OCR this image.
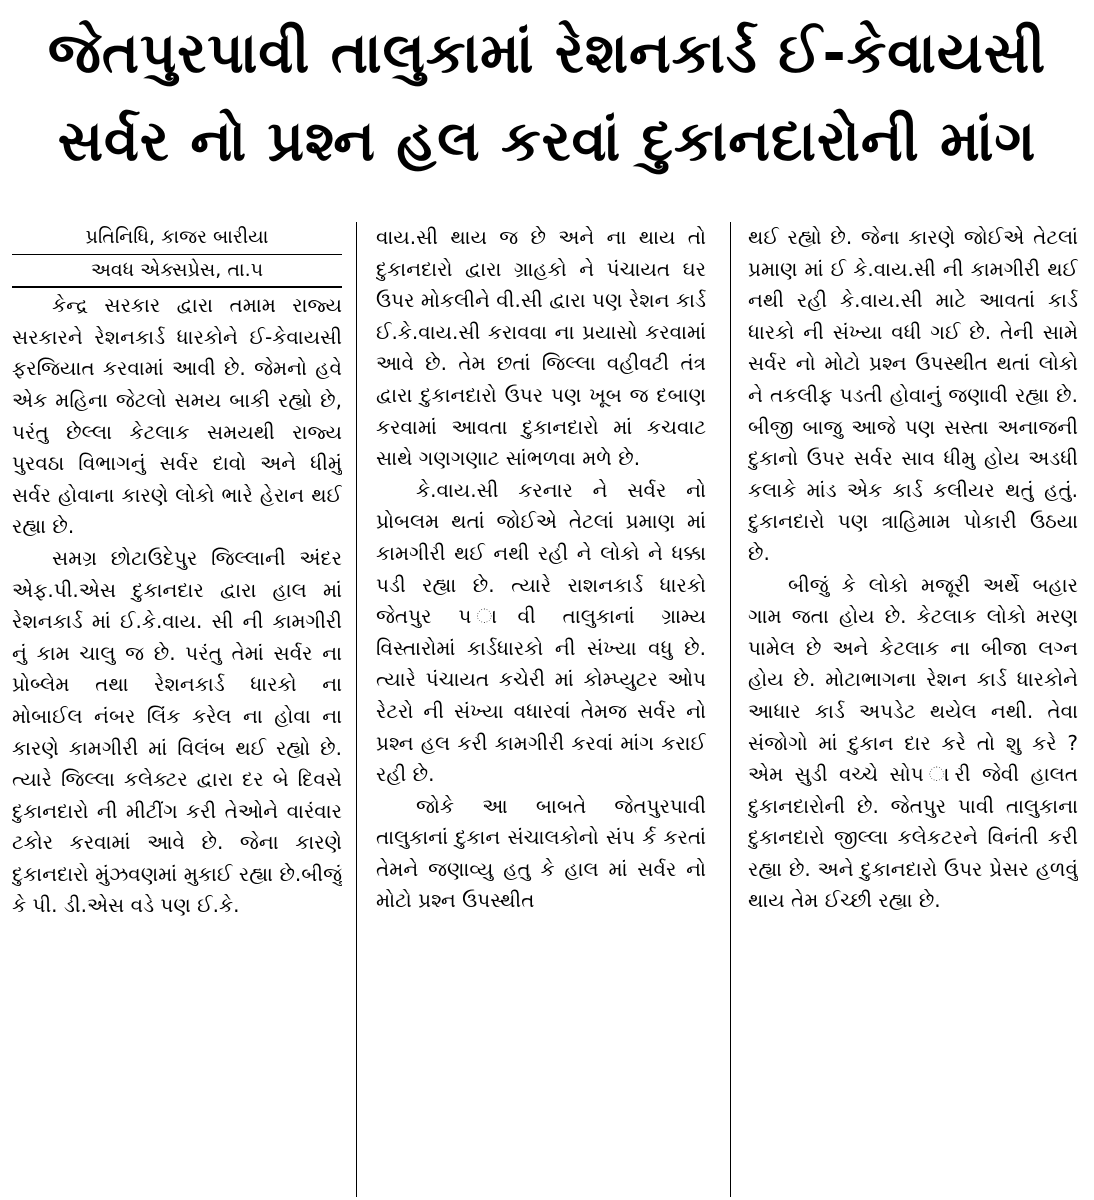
જેતપુરપાવી તાલુકામાં રેશનકાર્ડ ઈ-કેવાયસી
સર્વર નો પ્રશ્ન હલ કરવાં દુકાનદારોની માંગ
પ્રતિનિધિ, કાજર બારીયા
અવધ એક્સપ્રેસ, તા.૫

કેન્દ્ર સરકાર દ્વારા તમામ રાજ્ય સરકારને રેશનકાર્ડ ધારકોને ઈ-કેવાયસી ફરજિયાત કરવામાં આવી છે. જેમનો હવે એક મહિના જેટલો સમય બાકી રહ્યો છે, પરંતુ છેલ્લા કેટલાક સમયથી રાજ્ય પુરવઠા વિભાગનું સર્વર દાવો અને ધીમું સર્વર હોવાના કારણે લોકો ભારે હેરાન થઈ રહ્યા છે.

સમગ્ર છોટાઉદેપુર જિલ્લાની અંદર એફ.પી.એસ દુકાનદાર દ્વારા હાલ માં રેશનકાર્ડ માં ઈ.કે.વાય. સી ની કામગીરી નું કામ ચાલુ જ છે. પરંતુ તેમાં સર્વર ના પ્રોબ્લેમ તથા રેશનકાર્ડ ધારકો ના મોબાઈલ નંબર લિંક કરેલ ના હોવા ના કારણે કામગીરી માં વિલંબ થઈ રહ્યો છે. ત્યારે જિલ્લા કલેક્ટર દ્વારા દર બે દિવસે દુકાનદારો ની મીટીંગ કરી તેઓને વારંવાર ટકોર કરવામાં આવે છે. જેના કારણે દુકાનદારો મુંઝવણમાં મુકાઈ રહ્યા છે.બીજું કે પી. ડી.એસ વડે પણ ઈ.કે.

વાય.સી થાય જ છે અને ના થાય તો દુકાનદારો દ્વારા ગ્રાહકો ને પંચાયત ઘર ઉપર મોકલીને વી.સી દ્વારા પણ રેશન કાર્ડ ઈ.કે.વાય.સી કરાવવા ના પ્રયાસો કરવામાં આવે છે. તેમ છતાં જિલ્લા વહીવટી તંત્ર દ્વારા દુકાનદારો ઉપર પણ ખૂબ જ દબાણ કરવામાં આવતા દુકાનદારો માં કચવાટ સાથે ગણગણાટ સાંભળવા મળે છે.

કે.વાય.સી કરનાર ને સર્વર નો પ્રોબલમ થતાં જોઈએ તેટલાં પ્રમાણ માં કામગીરી થઈ નથી રહી ને લોકો ને ધક્કા પડી રહ્યા છે. ત્યારે રાશનકાર્ડ ધારકો જેતપુર પ ાવી તાલુકાનાં ગ્રામ્ય વિસ્તારોમાં કાર્ડધારકો ની સંખ્યા વધુ છે. ત્યારે પંચાયત કચેરી માં કોમ્પ્યુટર ઓપ રેટરો ની સંખ્યા વધારવાં તેમજ સર્વર નો પ્રશ્ન હલ કરી કામગીરી કરવાં માંગ કરાઈ રહી છે.

જોકે આ બાબતે જેતપુરપાવી તાલુકાનાં દુકાન સંચાલકોનો સંપ ર્ક કરતાં તેમને જણાવ્યુ હતુ કે હાલ માં સર્વર નો મોટો પ્રશ્ન ઉપસ્થીત

થઈ રહ્યો છે. જેના કારણે જોઈએ તેટલાં પ્રમાણ માં ઈ કે.વાય.સી ની કામગીરી થઈ નથી રહી કે.વાય.સી માટે આવતાં કાર્ડ ધારકો ની સંખ્યા વધી ગઈ છે. તેની સામે સર્વર નો મોટો પ્રશ્ન ઉપસ્થીત થતાં લોકો ને તકલીફ પડતી હોવાનું જણાવી રહ્યા છે. બીજી બાજુ આજે પણ સસ્તા અનાજની દુકાનો ઉપર સર્વર સાવ ધીમુ હોય અડધી કલાકે માંડ એક કાર્ડ કલીયર થતું હતું. દુકાનદારો પણ ત્રાહિમામ પોકારી ઉઠયા છે.

બીજું કે લોકો મજૂરી અર્થે બહાર ગામ જતા હોય છે. કેટલાક લોકો મરણ પામેલ છે અને કેટલાક ના બીજા લગ્ન હોય છે. મોટાભાગના રેશન કાર્ડ ધારકોને આધાર કાર્ડ અપડેટ થયેલ નથી. તેવા સંજોગો માં દુકાન દાર કરે તો શુ કરે ? એમ સુડી વચ્ચે સોપ ારી જેવી હાલત દુકાનદારોની છે. જેતપુર પાવી તાલુકાના દુકાનદારો જીલ્લા કલેકટરને વિનંતી કરી રહ્યા છે. અને દુકાનદારો ઉપર પ્રેસર હળવું થાય તેમ ઈચ્છી રહ્યા છે.
